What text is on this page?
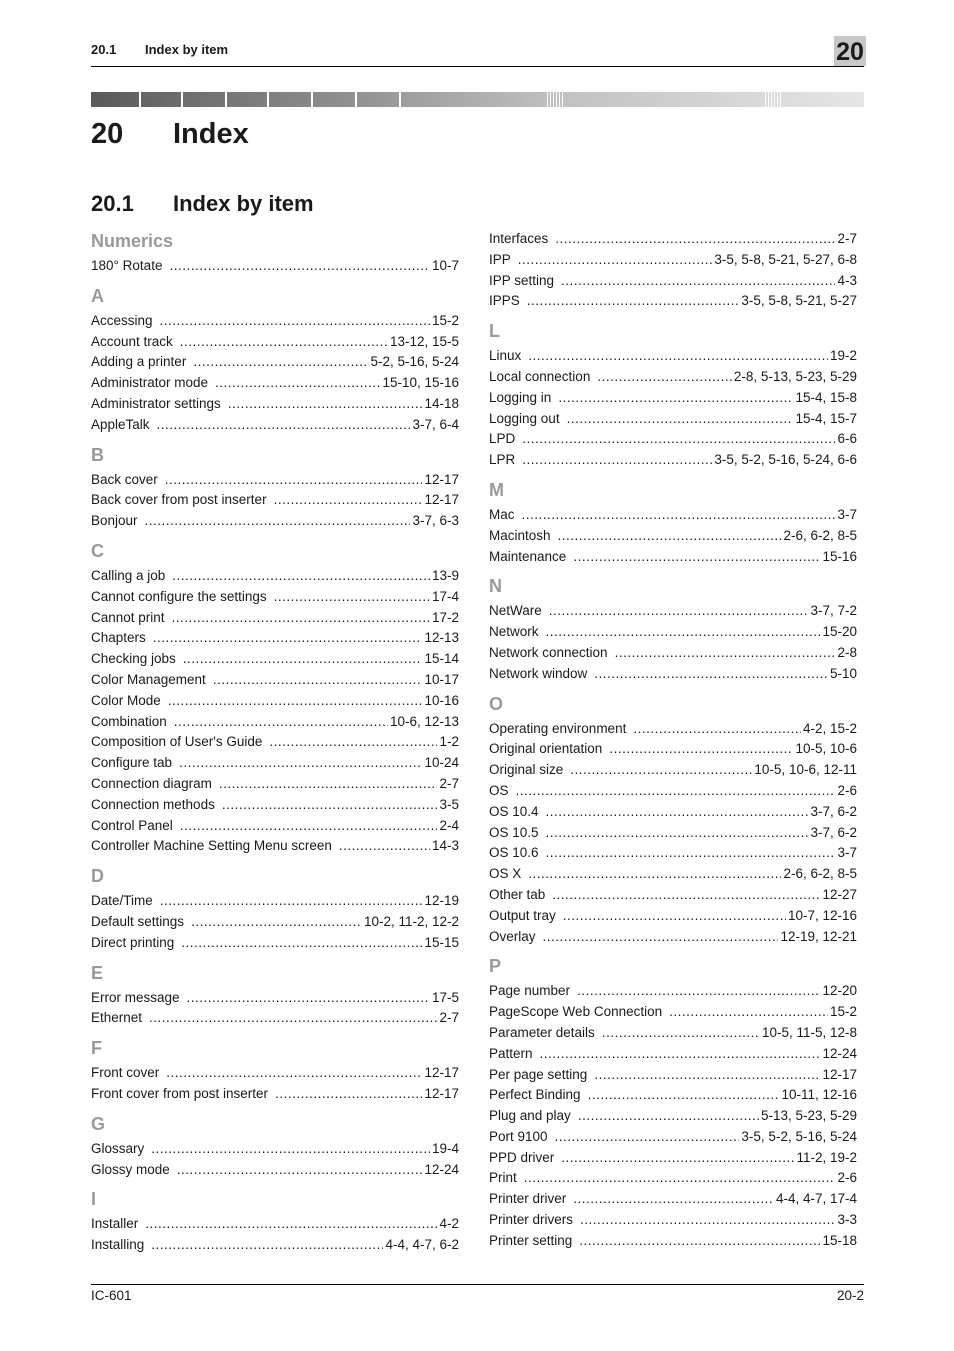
20.1 Index by item	20
20 Index
20.1 Index by item
Numerics
180° Rotate .....	10-7
A
Accessing .....	15-2
Account track .....	13-12, 15-5
Adding a printer .....	5-2, 5-16, 5-24
Administrator mode .....	15-10, 15-16
Administrator settings .....	14-18
AppleTalk .....	3-7, 6-4
B
Back cover .....	12-17
Back cover from post inserter .....	12-17
Bonjour .....	3-7, 6-3
C
Calling a job .....	13-9
Cannot configure the settings .....	17-4
Cannot print .....	17-2
Chapters .....	12-13
Checking jobs .....	15-14
Color Management .....	10-17
Color Mode .....	10-16
Combination .....	10-6, 12-13
Composition of User's Guide .....	1-2
Configure tab .....	10-24
Connection diagram .....	2-7
Connection methods .....	3-5
Control Panel .....	2-4
Controller Machine Setting Menu screen .....	14-3
D
Date/Time .....	12-19
Default settings .....	10-2, 11-2, 12-2
Direct printing .....	15-15
E
Error message .....	17-5
Ethernet .....	2-7
F
Front cover .....	12-17
Front cover from post inserter .....	12-17
G
Glossary .....	19-4
Glossy mode .....	12-24
I
Installer .....	4-2
Installing .....	4-4, 4-7, 6-2
Interfaces .....	2-7
IPP .....	3-5, 5-8, 5-21, 5-27, 6-8
IPP setting .....	4-3
IPPS .....	3-5, 5-8, 5-21, 5-27
L
Linux .....	19-2
Local connection .....	2-8, 5-13, 5-23, 5-29
Logging in .....	15-4, 15-8
Logging out .....	15-4, 15-7
LPD .....	6-6
LPR .....	3-5, 5-2, 5-16, 5-24, 6-6
M
Mac .....	3-7
Macintosh .....	2-6, 6-2, 8-5
Maintenance .....	15-16
N
NetWare .....	3-7, 7-2
Network .....	15-20
Network connection .....	2-8
Network window .....	5-10
O
Operating environment .....	4-2, 15-2
Original orientation .....	10-5, 10-6
Original size .....	10-5, 10-6, 12-11
OS .....	2-6
OS 10.4 .....	3-7, 6-2
OS 10.5 .....	3-7, 6-2
OS 10.6 .....	3-7
OS X .....	2-6, 6-2, 8-5
Other tab .....	12-27
Output tray .....	10-7, 12-16
Overlay .....	12-19, 12-21
P
Page number .....	12-20
PageScope Web Connection .....	15-2
Parameter details .....	10-5, 11-5, 12-8
Pattern .....	12-24
Per page setting .....	12-17
Perfect Binding .....	10-11, 12-16
Plug and play .....	5-13, 5-23, 5-29
Port 9100 .....	3-5, 5-2, 5-16, 5-24
PPD driver .....	11-2, 19-2
Print .....	2-6
Printer driver .....	4-4, 4-7, 17-4
Printer drivers .....	3-3
Printer setting .....	15-18
IC-601	20-2
